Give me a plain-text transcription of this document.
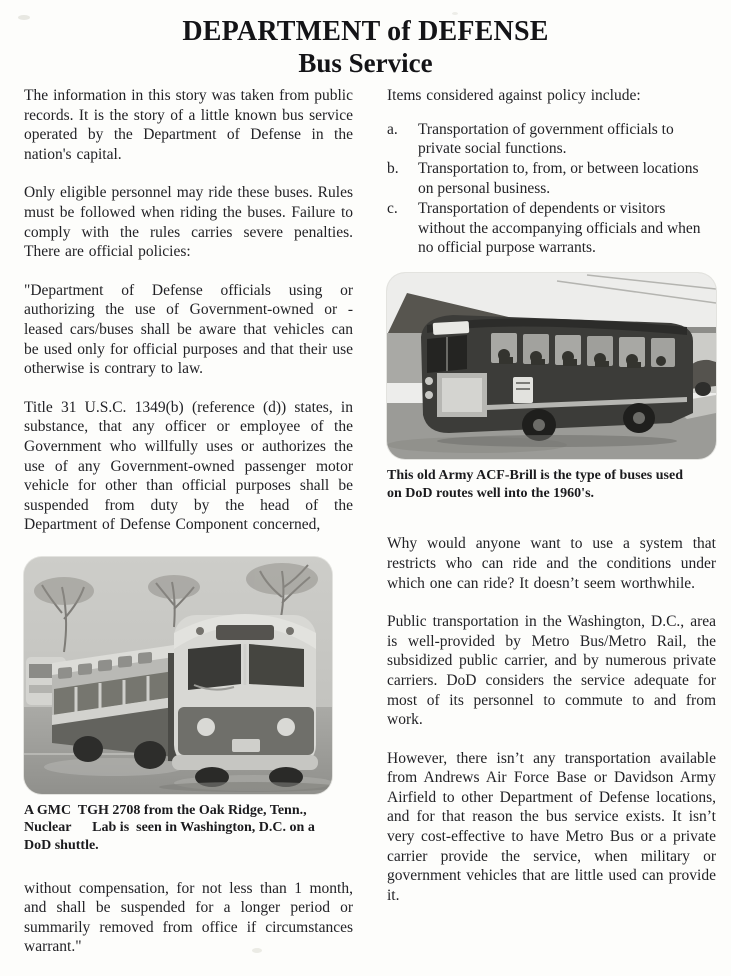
DEPARTMENT of DEFENSE
Bus Service

The information in this story was taken from public records. It is the story of a little known bus service operated by the Department of Defense in the nation's capital.

Only eligible personnel may ride these buses. Rules must be followed when riding the buses. Failure to comply with the rules carries severe penalties. There are official policies:

"Department of Defense officials using or authorizing the use of Government-owned or -leased cars/buses shall be aware that vehicles can be used only for official purposes and that their use otherwise is contrary to law.

Title 31 U.S.C. 1349(b) (reference (d)) states, in substance, that any officer or employee of the Government who willfully uses or authorizes the use of any Government-owned passenger motor vehicle for other than official purposes shall be suspended from duty by the head of the Department of Defense Component concerned,

A GMC  TGH 2708 from the Oak Ridge, Tenn.,
Nuclear      Lab is  seen in Washington, D.C. on a
DoD shuttle.

without compensation, for not less than 1 month, and shall be suspended for a longer period or summarily removed from office if circumstances warrant."

Items considered against policy include:

a.	Transportation of government officials to private social functions.
b.	Transportation to, from, or between locations on personal business.
c.	Transportation of dependents or visitors without the accompanying officials and when no official purpose warrants.
This old Army ACF-Brill is the type of buses used
on DoD routes well into the 1960's.

Why would anyone want to use a system that restricts who can ride and the conditions under which one can ride? It doesn’t seem worthwhile.

Public transportation in the Washington, D.C., area is well-provided by Metro Bus/Metro Rail, the subsidized public carrier, and by numerous private carriers. DoD considers the service adequate for most of its personnel to commute to and from work.

However, there isn’t any transportation available from Andrews Air Force Base or Davidson Army Airfield to other Department of Defense locations, and for that reason the bus service exists. It isn’t very cost-effective to have Metro Bus or a private carrier provide the service, when military or government vehicles that are little used can provide it.
